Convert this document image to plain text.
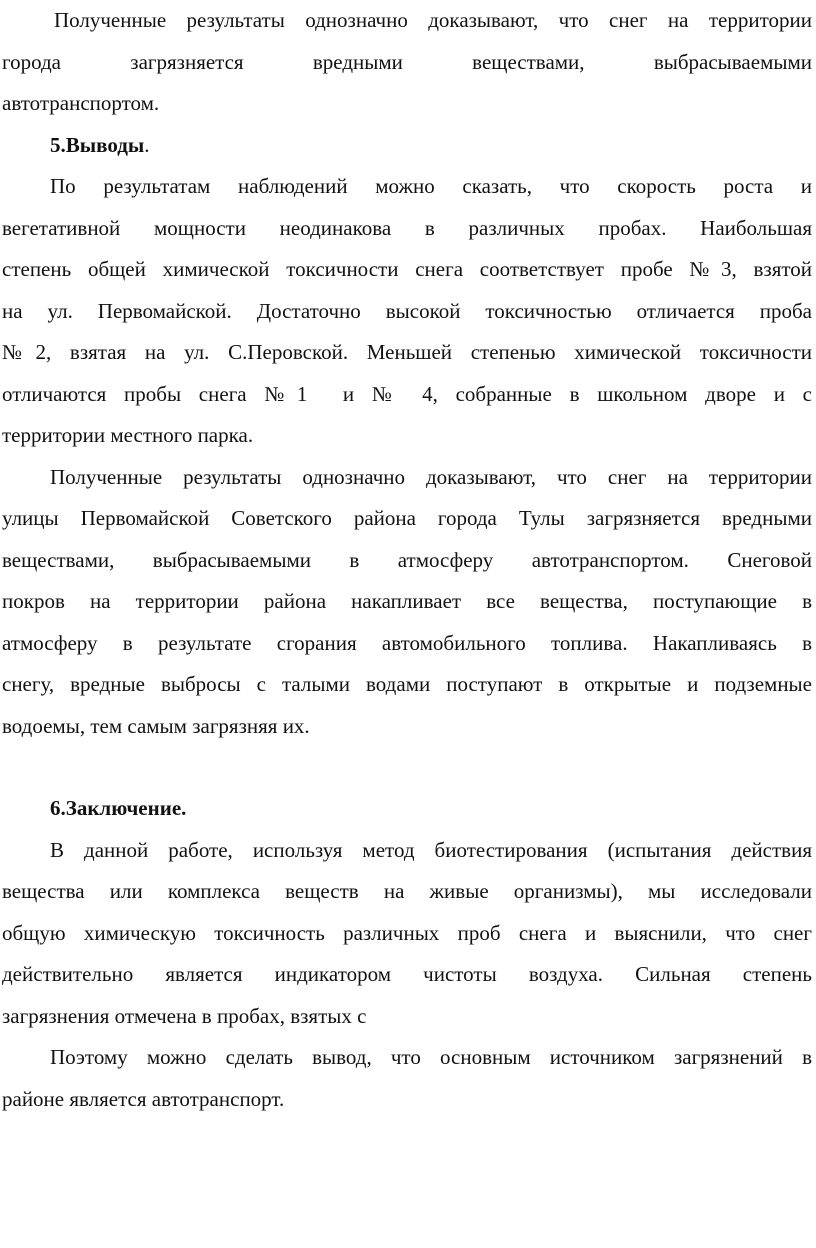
Полученные результаты однозначно доказывают, что снег на территории
города загрязняется вредными веществами, выбрасываемыми
автотранспортом.
5.Выводы.
По результатам наблюдений можно сказать, что скорость роста и
вегетативной мощности неодинакова в различных пробах. Наибольшая
степень общей химической токсичности снега соответствует пробе №3, взятой
на ул. Первомайской. Достаточно высокой токсичностью отличается проба
№2, взятая на ул. С.Перовской. Меньшей степенью химической токсичности
отличаются пробы снега №1  и № 4, собранные в школьном дворе и с
территории местного парка.
Полученные результаты однозначно доказывают, что снег на территории
улицы Первомайской Советского района города Тулы загрязняется вредными
веществами, выбрасываемыми в атмосферу автотранспортом. Снеговой
покров на территории района накапливает все вещества, поступающие в
атмосферу в результате сгорания автомобильного топлива. Накапливаясь в
снегу, вредные выбросы с талыми водами поступают в открытые и подземные
водоемы, тем самым загрязняя их.
6.Заключение.
В данной работе, используя метод биотестирования (испытания действия
вещества или комплекса веществ на живые организмы), мы исследовали
общую химическую токсичность различных проб снега и выяснили, что снег
действительно является индикатором чистоты воздуха. Сильная степень
загрязнения отмечена в пробах, взятых с
Поэтому можно сделать вывод, что основным источником загрязнений в
районе является автотранспорт.
